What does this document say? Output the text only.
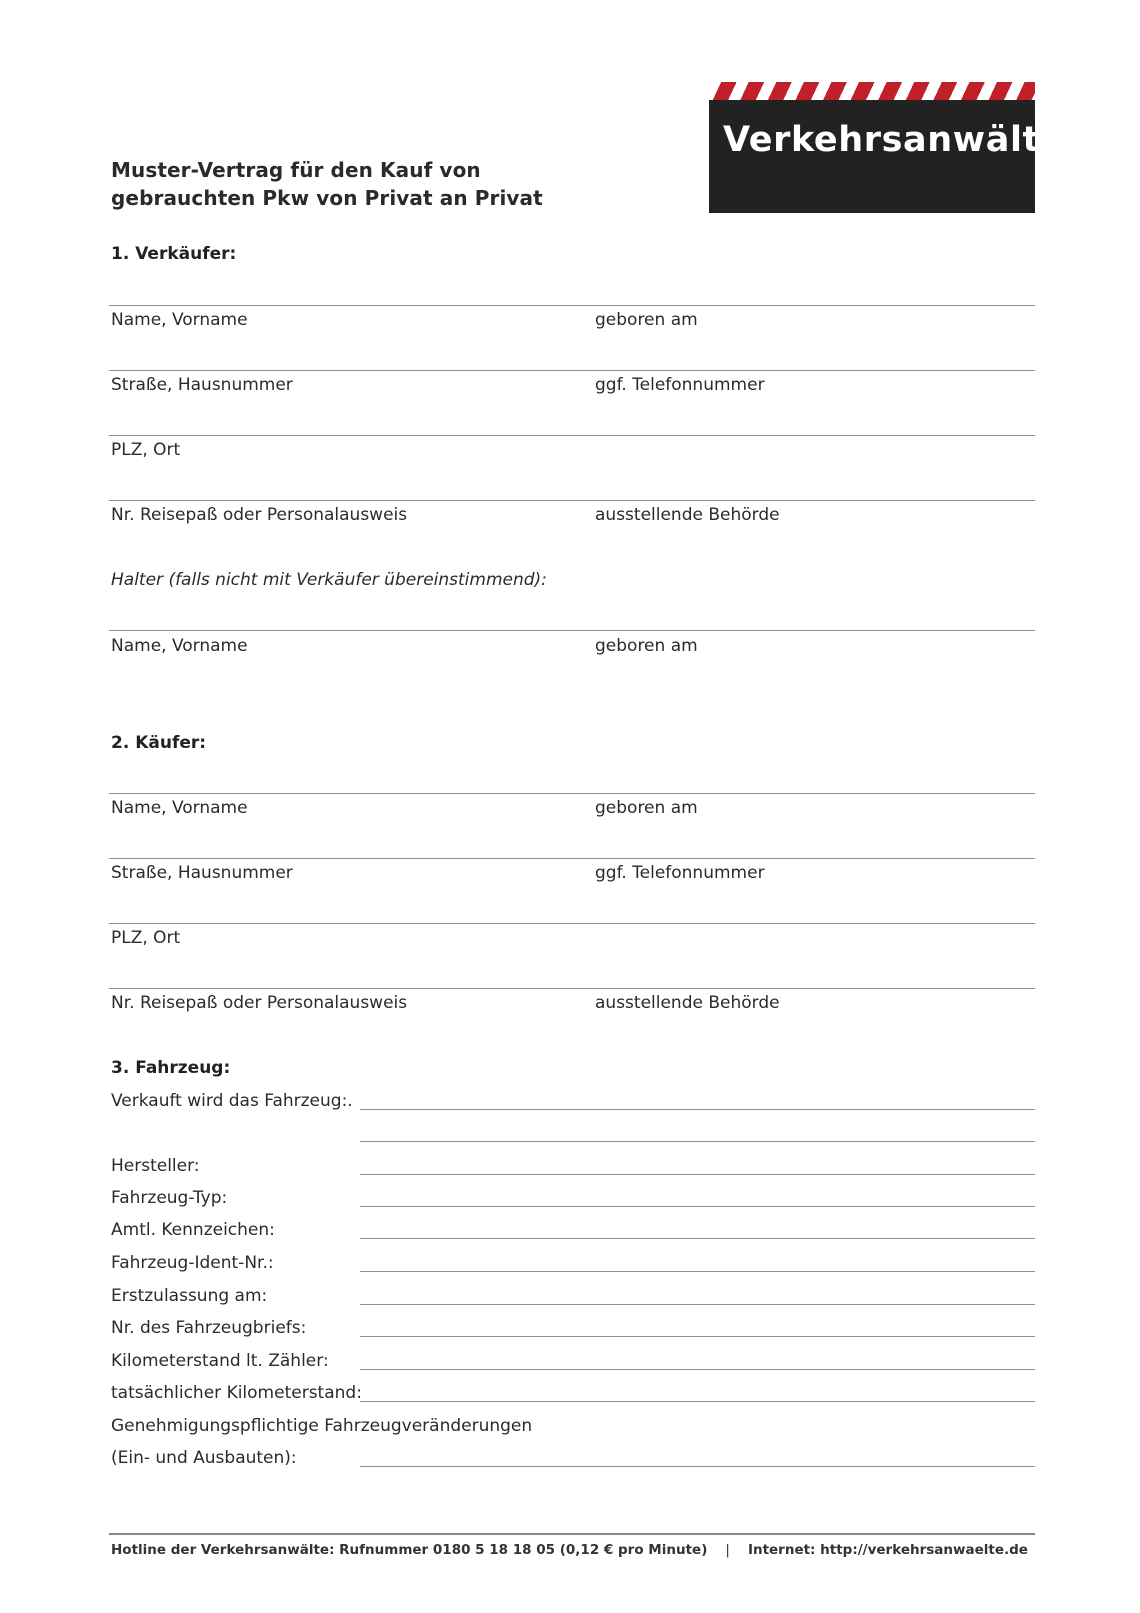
Muster-Vertrag für den Kauf von
gebrauchten Pkw von Privat an Privat
Verkehrsanwälte.
1. Verkäufer:
Name, Vorname	geboren am
Straße, Hausnummer	ggf. Telefonnummer
PLZ, Ort
Nr. Reisepaß oder Personalausweis	ausstellende Behörde
Halter (falls nicht mit Verkäufer übereinstimmend):
Name, Vorname	geboren am
2. Käufer:
Name, Vorname	geboren am
Straße, Hausnummer	ggf. Telefonnummer
PLZ, Ort
Nr. Reisepaß oder Personalausweis	ausstellende Behörde
3. Fahrzeug:
Verkauft wird das Fahrzeug:.
Hersteller:
Fahrzeug-Typ:
Amtl. Kennzeichen:
Fahrzeug-Ident-Nr.:
Erstzulassung am:
Nr. des Fahrzeugbriefs:
Kilometerstand lt. Zähler:
tatsächlicher Kilometerstand:
Genehmigungspflichtige Fahrzeugveränderungen
(Ein- und Ausbauten):
Hotline der Verkehrsanwälte: Rufnummer 0180 5 18 18 05 (0,12 € pro Minute) | Internet: http://verkehrsanwaelte.de
